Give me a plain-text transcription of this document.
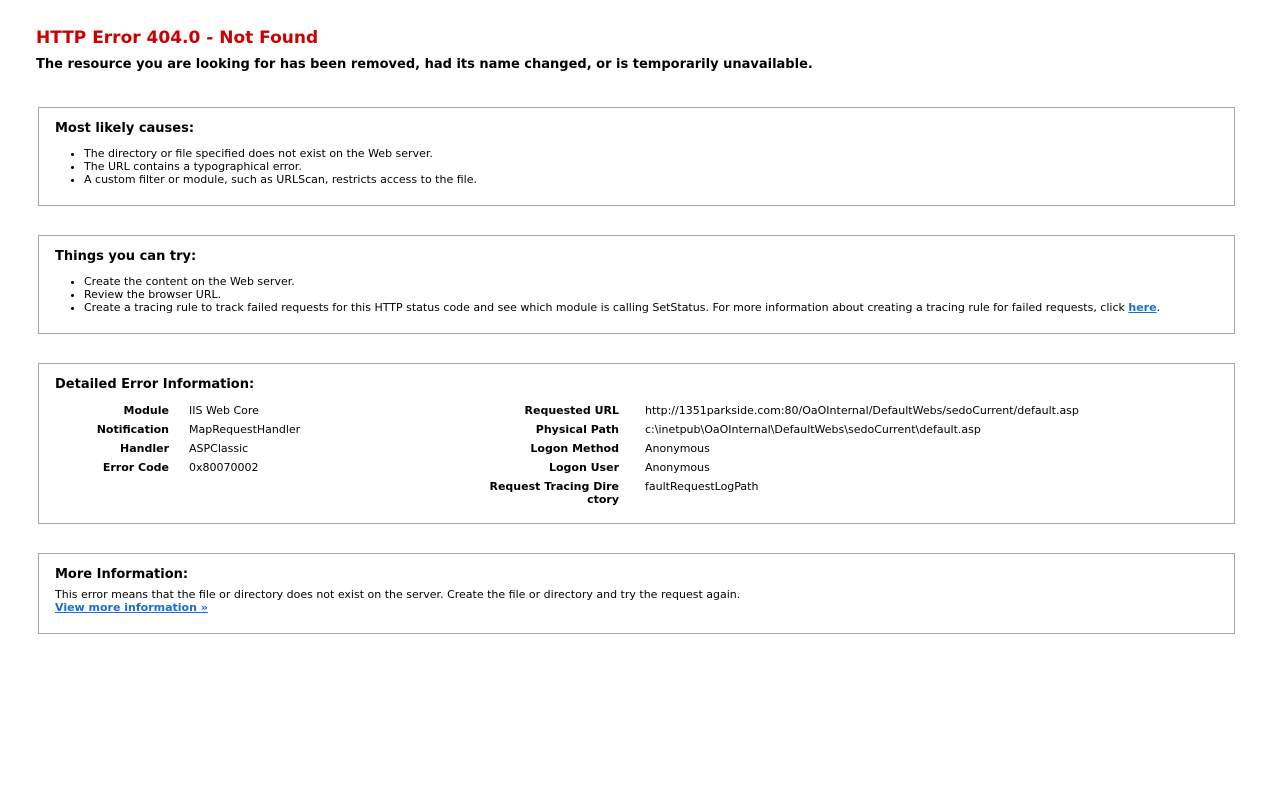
HTTP Error 404.0 - Not Found
The resource you are looking for has been removed, had its name changed, or is temporarily unavailable.
Most likely causes:
• The directory or file specified does not exist on the Web server.
• The URL contains a typographical error.
• A custom filter or module, such as URLScan, restricts access to the file.
Things you can try:
• Create the content on the Web server.
• Review the browser URL.
• Create a tracing rule to track failed requests for this HTTP status code and see which module is calling SetStatus. For more information about creating a tracing rule for failed requests, click here.
Detailed Error Information:
Module IIS Web Core
Notification MapRequestHandler
Handler ASPClassic
Error Code 0x80070002
Requested URL http://1351parkside.com:80/OaOInternal/DefaultWebs/sedoCurrent/default.asp
Physical Path c:\inetpub\OaOInternal\DefaultWebs\sedoCurrent\default.asp
Logon Method Anonymous
Logon User Anonymous
Request Tracing Dire
ctory
faultRequestLogPath
More Information:
This error means that the file or directory does not exist on the server. Create the file or directory and try the request again.
View more information »
